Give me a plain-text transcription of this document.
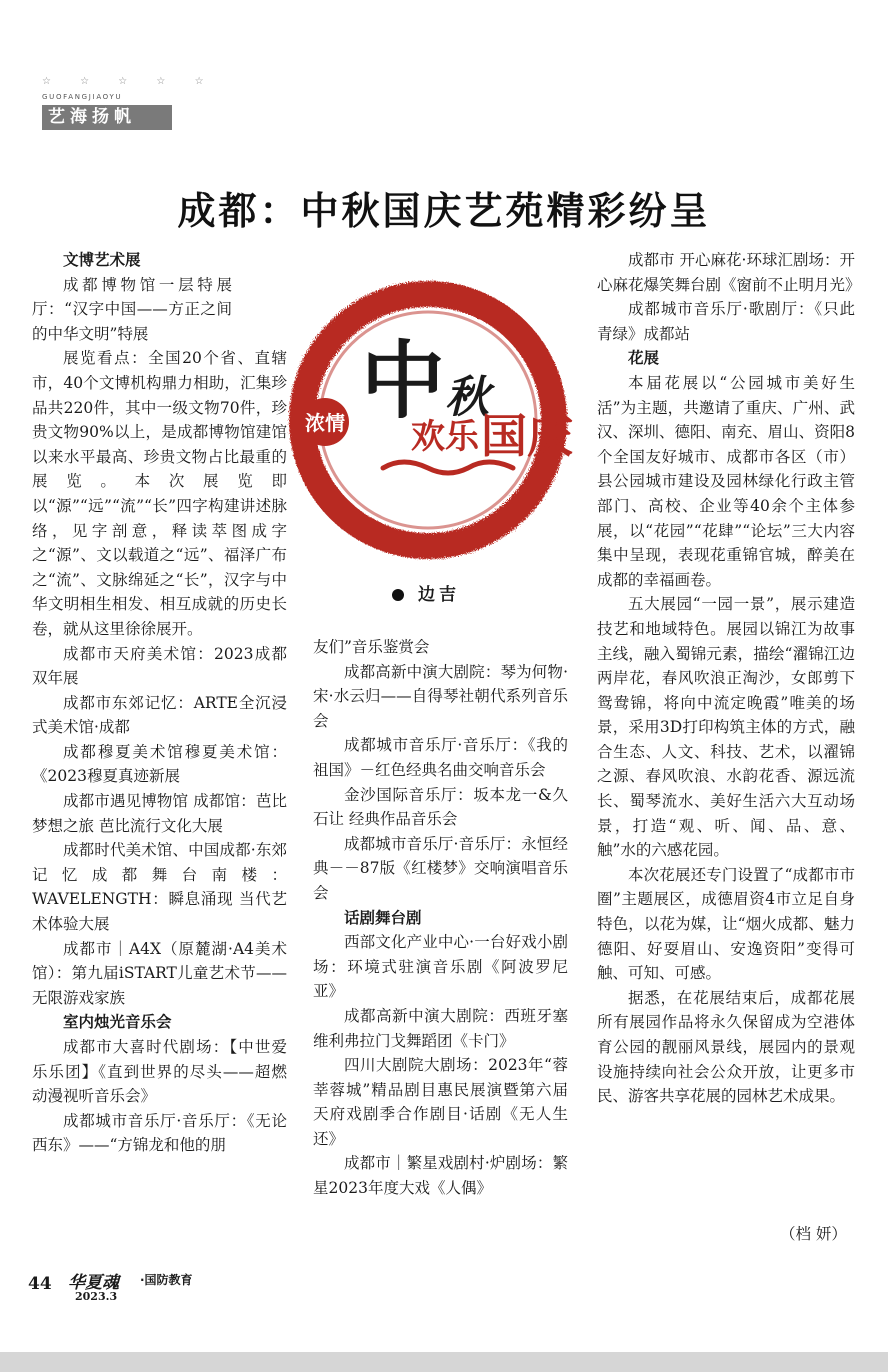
☆ ☆ ☆ ☆ ☆
GUOFANGJIAOYU
艺海扬帆
成都：中秋国庆艺苑精彩纷呈
文博艺术展

成都博物馆一层特展厅：“汉字中国——方正之间的中华文明”特展

展览看点：全国20个省、直辖市，40个文博机构鼎力相助，汇集珍品共220件，其中一级文物70件，珍贵文物90%以上，是成都博物馆建馆以来水平最高、珍贵文物占比最重的展览。本次展览即以“源”“远”“流”“长”四字构建讲述脉络，见字剖意，释读萃图成字之“源”、文以载道之“远”、福泽广布之“流”、文脉绵延之“长”，汉字与中华文明相生相发、相互成就的历史长卷，就从这里徐徐展开。

成都市天府美术馆：2023成都双年展

成都市东郊记忆：ARTE全沉浸式美术馆·成都

成都穆夏美术馆穆夏美术馆：《2023穆夏真迹新展

成都市遇见博物馆 成都馆：芭比梦想之旅 芭比流行文化大展

成都时代美术馆、中国成都·东郊记忆成都舞台南楼：WAVELENGTH：瞬息涌现 当代艺术体验大展

成都市｜A4X（原麓湖·A4美术馆）：第九届iSTART儿童艺术节——无限游戏家族

室内烛光音乐会

成都市大喜时代剧场：【中世爱乐乐团】《直到世界的尽头——超燃动漫视听音乐会》

成都城市音乐厅·音乐厅：《无论西东》——“方锦龙和他的朋

浓情 中 秋
欢乐 国庆
边吉

友们”音乐鉴赏会

成都高新中演大剧院：琴为何物·宋·水云归——自得琴社朝代系列音乐会

成都城市音乐厅·音乐厅：《我的祖国》－红色经典名曲交响音乐会

金沙国际音乐厅：坂本龙一&久石让 经典作品音乐会

成都城市音乐厅·音乐厅：永恒经典－－87版《红楼梦》交响演唱音乐会

话剧舞台剧

西部文化产业中心·一台好戏小剧场：环境式驻演音乐剧《阿波罗尼亚》

成都高新中演大剧院：西班牙塞维利弗拉门戈舞蹈团《卡门》

四川大剧院大剧场：2023年“蓉莘蓉城”精品剧目惠民展演暨第六届天府戏剧季合作剧目·话剧《无人生还》

成都市｜繁星戏剧村·炉剧场：繁星2023年度大戏《人偶》

成都市 开心麻花·环球汇剧场：开心麻花爆笑舞台剧《窗前不止明月光》

成都城市音乐厅·歌剧厅：《只此青绿》成都站

花展

本届花展以“公园城市美好生活”为主题，共邀请了重庆、广州、武汉、深圳、德阳、南充、眉山、资阳8个全国友好城市、成都市各区（市）县公园城市建设及园林绿化行政主管部门、高校、企业等40余个主体参展，以“花园”“花肆”“论坛”三大内容集中呈现，表现花重锦官城，醉美在成都的幸福画卷。

五大展园“一园一景”，展示建造技艺和地域特色。展园以锦江为故事主线，融入蜀锦元素，描绘“濯锦江边两岸花，春风吹浪正淘沙，女郎剪下鸳鸯锦，将向中流定晚霞”唯美的场景，采用3D打印构筑主体的方式，融合生态、人文、科技、艺术，以濯锦之源、春风吹浪、水韵花香、源远流长、蜀琴流水、美好生活六大互动场景，打造“观、听、闻、品、意、触”水的六感花园。

本次花展还专门设置了“成都市市圈”主题展区，成德眉资4市立足自身特色，以花为媒，让“烟火成都、魅力德阳、好耍眉山、安逸资阳”变得可触、可知、可感。

据悉，在花展结束后，成都花展所有展园作品将永久保留成为空港体育公园的靓丽风景线，展园内的景观设施持续向社会公众开放，让更多市民、游客共享花展的园林艺术成果。

（档 妍）
44 华夏魂 ·国防教育
2023.3
